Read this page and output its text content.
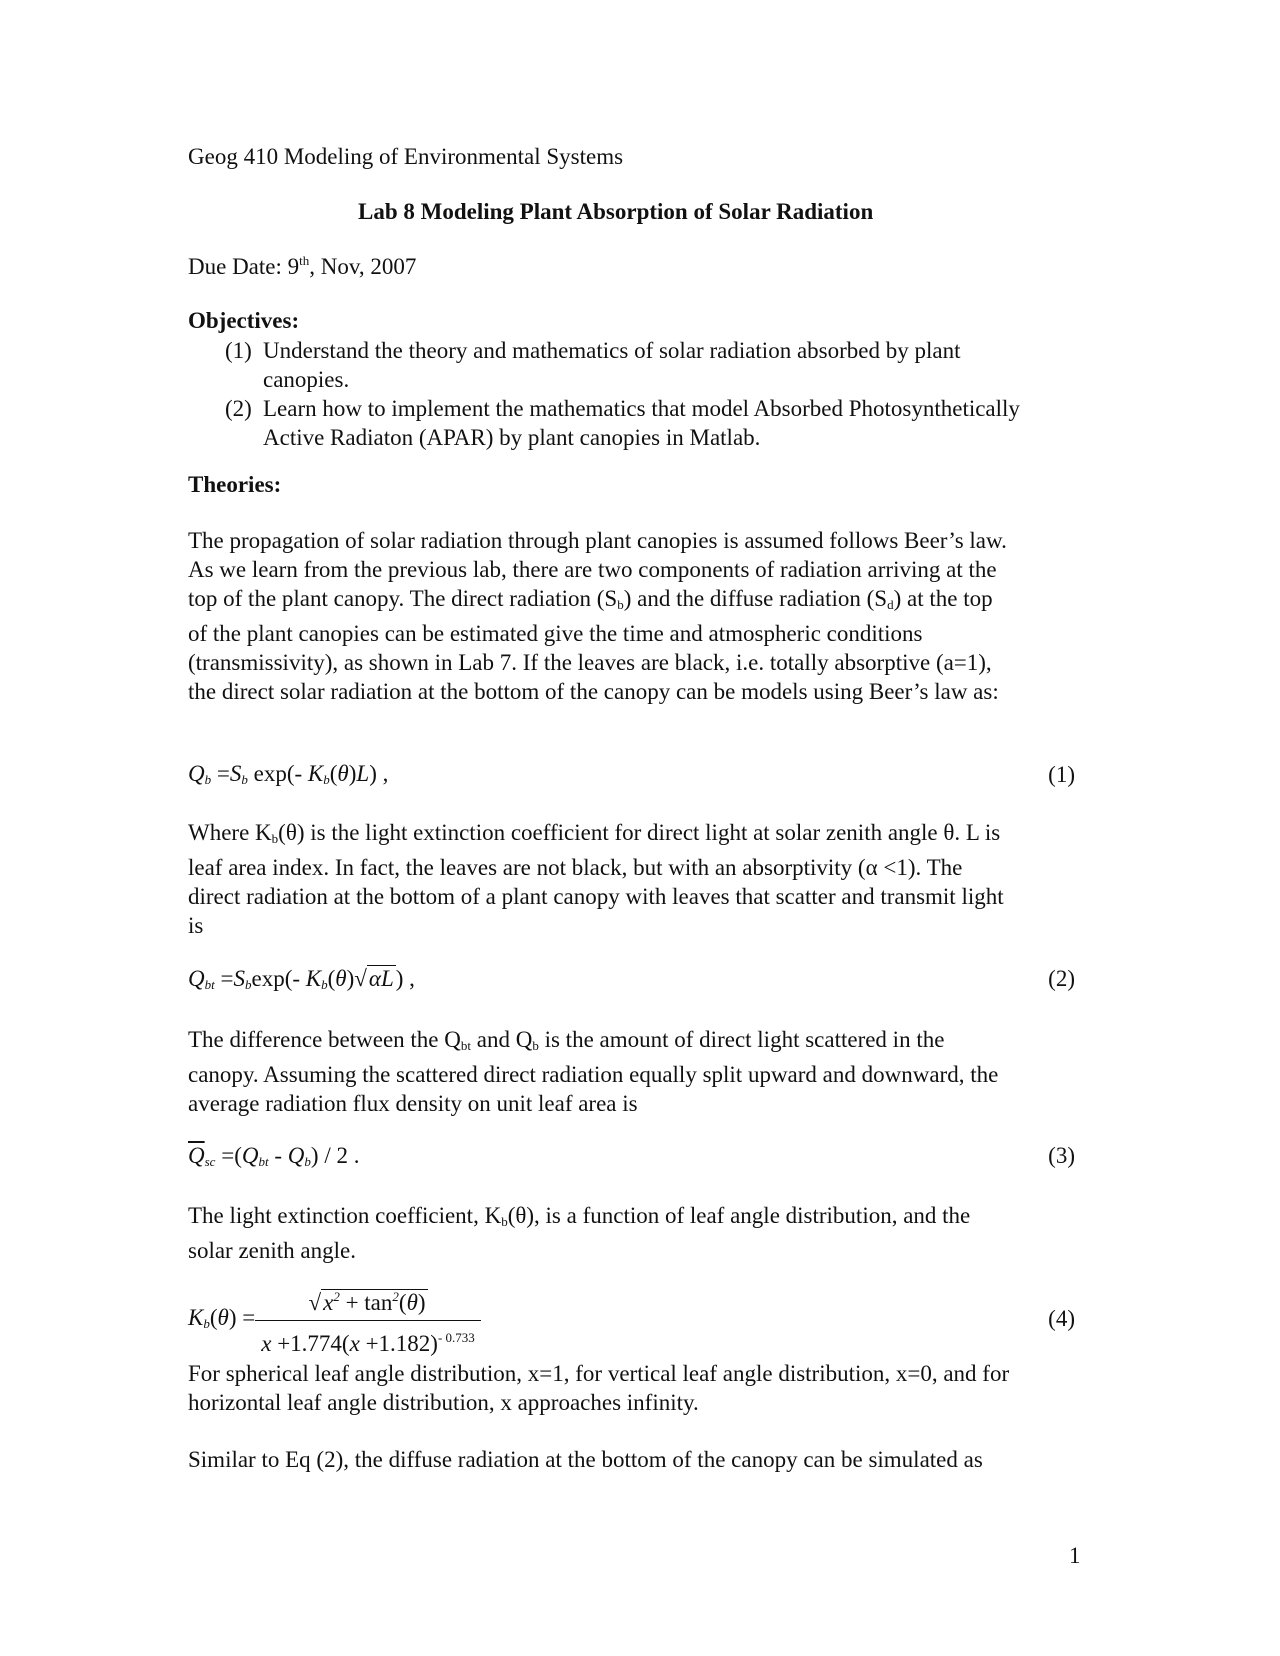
Geog 410 Modeling of Environmental Systems
Lab 8 Modeling Plant Absorption of Solar Radiation
Due Date: 9th, Nov, 2007
Objectives:
(1) Understand the theory and mathematics of solar radiation absorbed by plant
canopies.
(2) Learn how to implement the mathematics that model Absorbed Photosynthetically
Active Radiaton (APAR) by plant canopies in Matlab.
Theories:
The propagation of solar radiation through plant canopies is assumed follows Beer’s law.
As we learn from the previous lab, there are two components of radiation arriving at the
top of the plant canopy. The direct radiation $(S_b)$ and the diffuse radiation $(S_d)$ at the top
of the plant canopies can be estimated give the time and atmospheric conditions
(transmissivity), as shown in Lab 7. If the leaves are black, i.e. totally absorptive (a=1),
the direct solar radiation at the bottom of the canopy can be models using Beer’s law as:
$Q_b =S_b$ exp(- $K_b(\theta)L$) ,	(1)
Where $K_b(\theta)$ is the light extinction coefficient for direct light at solar zenith angle θ. L is
leaf area index. In fact, the leaves are not black, but with an absorptivity (α <1). The
direct radiation at the bottom of a plant canopy with leaves that scatter and transmit light
is
$Q_{bt} =S_b\exp(-$ $K_b(\theta)√\alpha L$) ,	(2)
The difference between the $Q_{bt}$ and $Q_b$ is the amount of direct light scattered in the
canopy. Assuming the scattered direct radiation equally split upward and downward, the
average radiation flux density on unit leaf area is
$\overline{Q}_{sc} =(Q_{bt} - Q_b) / 2$ .	(3)
The light extinction coefficient, $K_b(\theta)$, is a function of leaf angle distribution, and the
solar zenith angle.
$K_b(\theta) = \frac{√x^2 + \tan^2(\theta)}{x +1.774(x +1.182)^{- 0.733}}$	(4)
For spherical leaf angle distribution, x=1, for vertical leaf angle distribution, x=0, and for
horizontal leaf angle distribution, x approaches infinity.
Similar to Eq (2), the diffuse radiation at the bottom of the canopy can be simulated as
1
